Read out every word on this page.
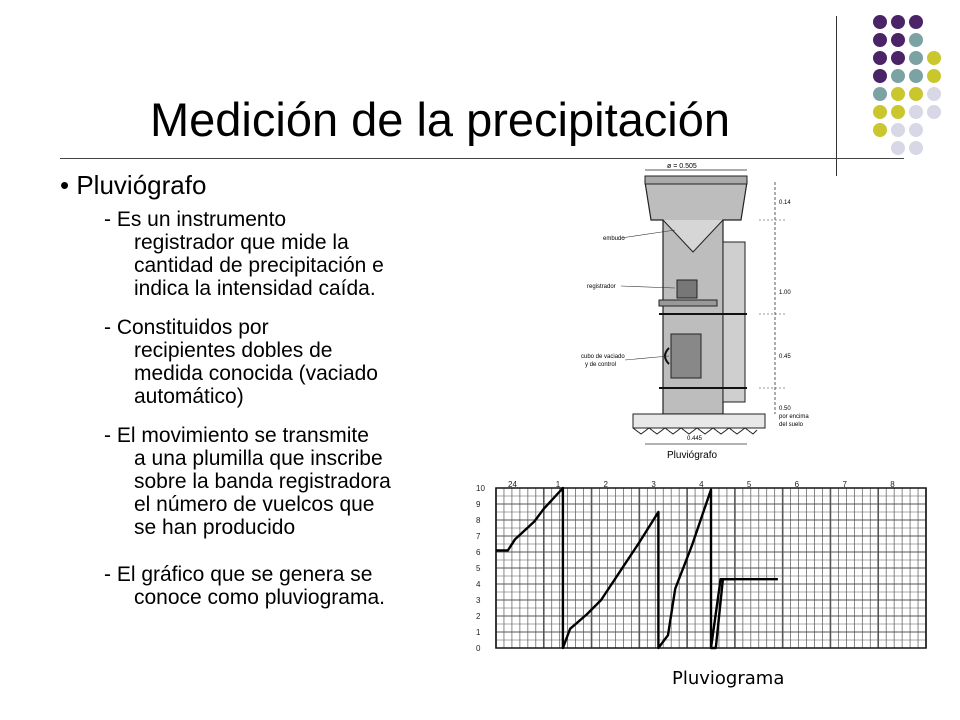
Medición de la precipitación
• Pluviógrafo
- Es un instrumento
registrador que mide la
cantidad de precipitación e
indica la intensidad caída.
- Constituidos por
recipientes dobles de
medida conocida (vaciado
automático)
- El movimiento se transmite
a una plumilla que inscribe
sobre la banda registradora
el número de vuelcos que
se han producido
- El gráfico que se genera se
conoce como pluviograma.
ø = 0.505
embudo
registrador
cubo de vaciado
y de control
0.14
1.00
0.45
0.50
por encima
del suelo
0.445
Pluviógrafo
24	1	2	3	4	5	6	7	8
10
9
8
7
6
5
4
3
2
1
0
Pluviograma
